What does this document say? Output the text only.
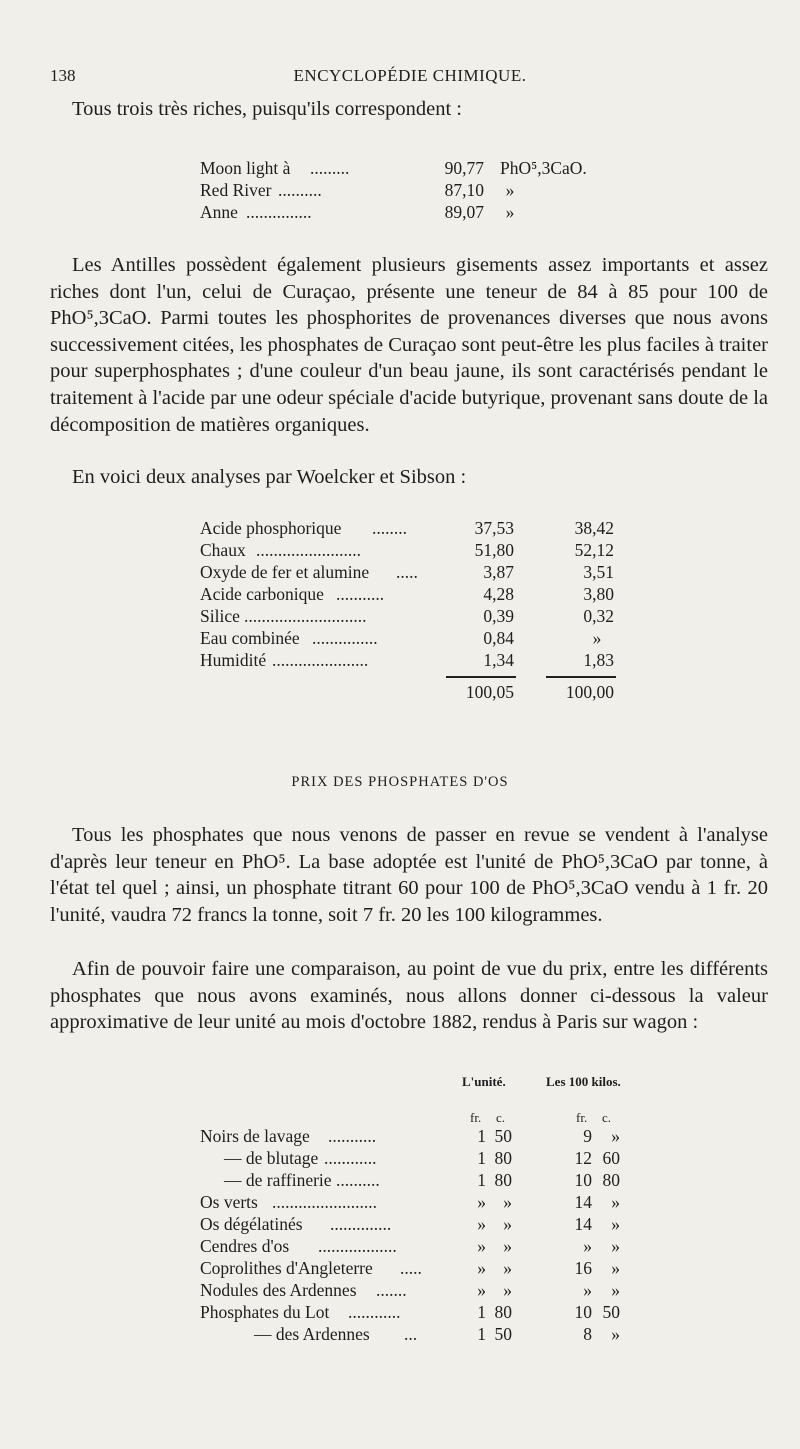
138	ENCYCLOPÉDIE CHIMIQUE.

Tous trois très riches, puisqu'ils correspondent :

Moon light à .........	90,77 PhO⁵,3CaO.
Red River ..........	87,10	»
Anne ...............	89,07	»

Les Antilles possèdent également plusieurs gisements assez importants et assez riches dont l'un, celui de Curaçao, présente une teneur de 84 à 85 pour 100 de PhO⁵,3CaO. Parmi toutes les phosphorites de provenances diverses que nous avons successivement citées, les phosphates de Curaçao sont peut-être les plus faciles à traiter pour superphosphates ; d'une couleur d'un beau jaune, ils sont caractérisés pendant le traitement à l'acide par une odeur spéciale d'acide butyrique, provenant sans doute de la décomposition de matières organiques.

En voici deux analyses par Woelcker et Sibson :

Acide phosphorique ........	37,53	38,42
Chaux ........................	51,80	52,12
Oxyde de fer et alumine .....	3,87	3,51
Acide carbonique ...........	4,28	3,80
Silice ............................	0,39	0,32
Eau combinée ...............	0,84	»
Humidité ......................	1,34	1,83
100,05	100,00
PRIX DES PHOSPHATES D'OS

Tous les phosphates que nous venons de passer en revue se vendent à l'analyse d'après leur teneur en PhO⁵. La base adoptée est l'unité de PhO⁵,3CaO par tonne, à l'état tel quel ; ainsi, un phosphate titrant 60 pour 100 de PhO⁵,3CaO vendu à 1 fr. 20 l'unité, vaudra 72 francs la tonne, soit 7 fr. 20 les 100 kilogrammes.

Afin de pouvoir faire une comparaison, au point de vue du prix, entre les différents phosphates que nous avons examinés, nous allons donner ci-dessous la valeur approximative de leur unité au mois d'octobre 1882, rendus à Paris sur wagon :

L'unité.	Les 100 kilos.
fr. c.	fr. c.
Noirs de lavage ...........	1 50	9	»
— de blutage ............	1 80	12 60
— de raffinerie ..........	1 80	10 80
Os verts ........................	» »	14	»
Os dégélatinés ..............	» »	14	»
Cendres d'os ..................	» »	»	»
Coprolithes d'Angleterre .....	» »	16	»
Nodules des Ardennes .......	» »	»	»
Phosphates du Lot ............	1 80	10 50
— des Ardennes ...	1 50	8	»
